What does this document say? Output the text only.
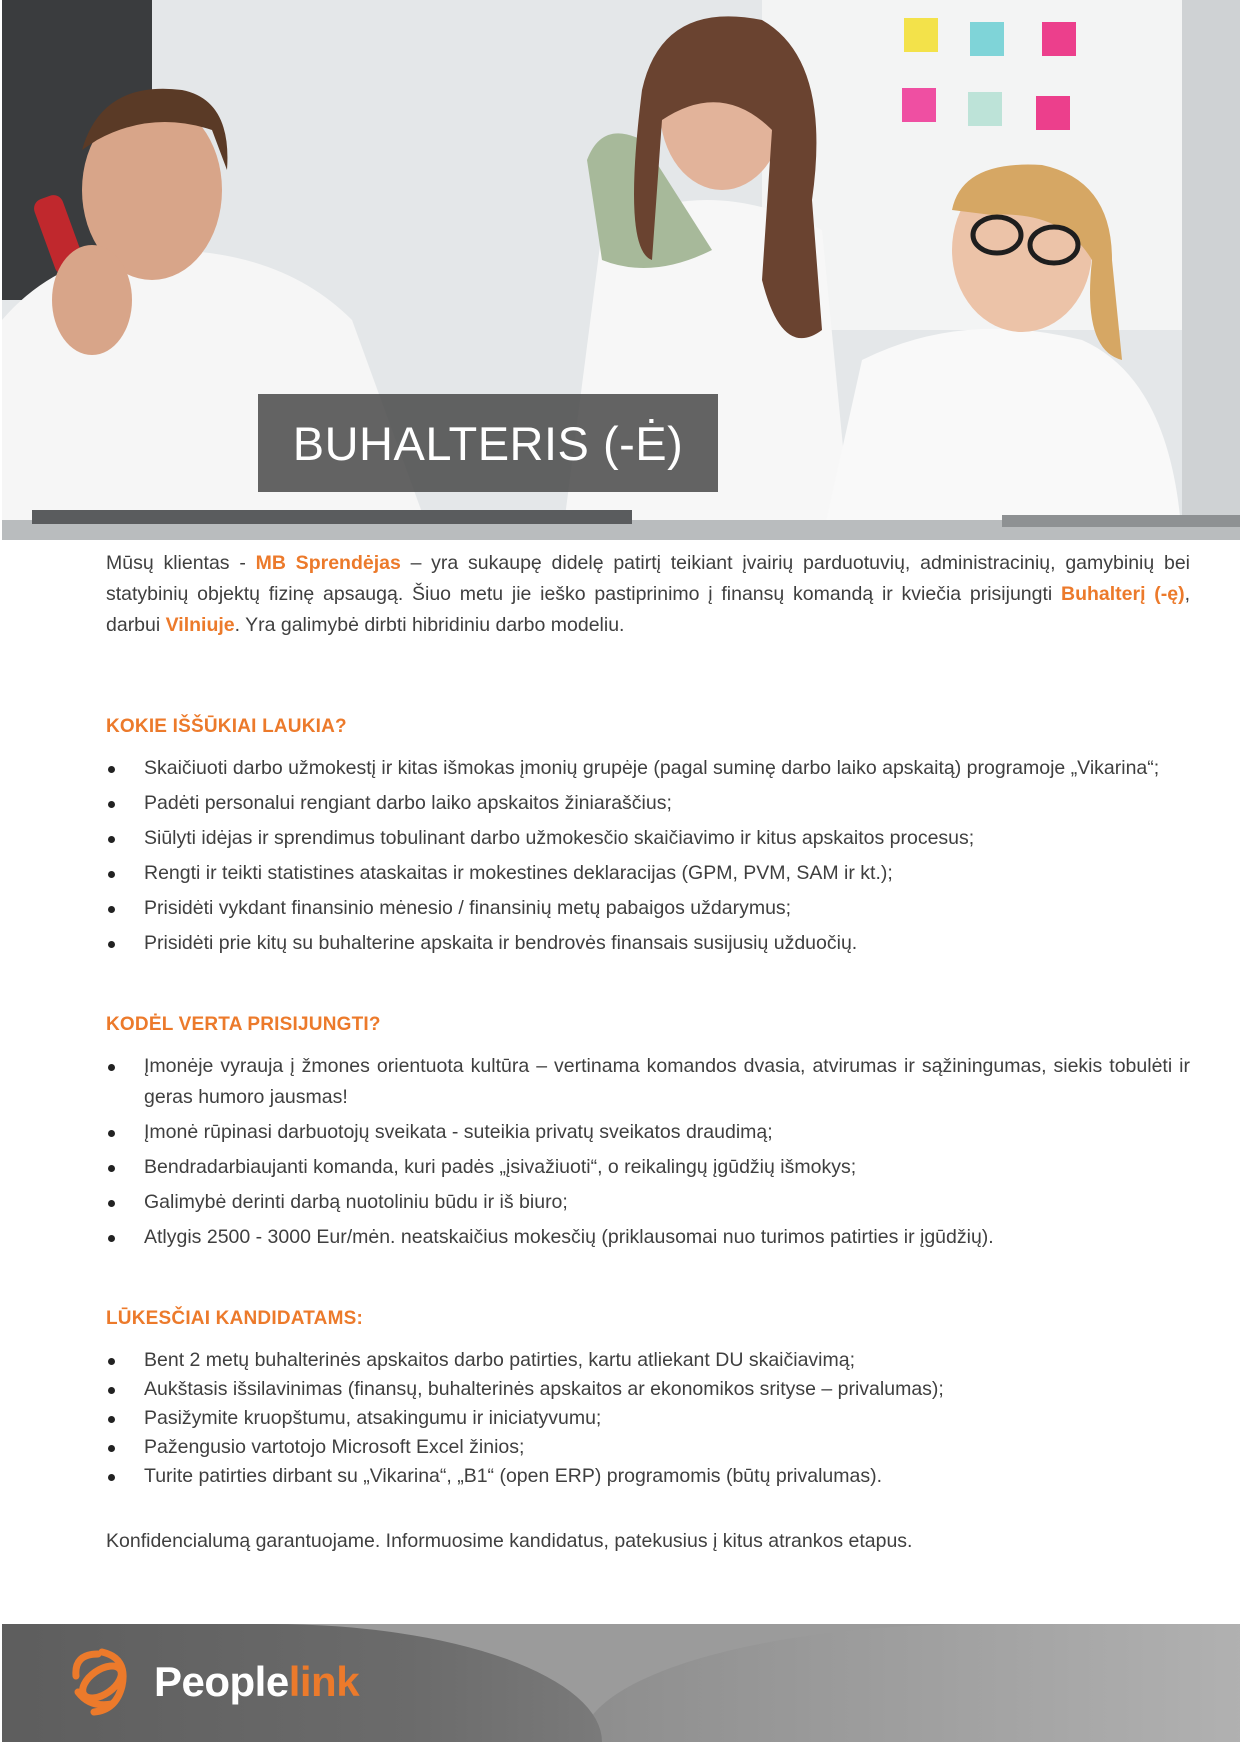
BUHALTERIS (-Ė)

Mūsų klientas - MB Sprendėjas – yra sukaupę didelę patirtį teikiant įvairių parduotuvių, administracinių, gamybinių bei statybinių objektų fizinę apsaugą. Šiuo metu jie ieško pastiprinimo į finansų komandą ir kviečia prisijungti Buhalterį (-ę), darbui Vilniuje. Yra galimybė dirbti hibridiniu darbo modeliu.

KOKIE IŠŠŪKIAI LAUKIA?
Skaičiuoti darbo užmokestį ir kitas išmokas įmonių grupėje (pagal suminę darbo laiko apskaitą) programoje „Vikarina“;
Padėti personalui rengiant darbo laiko apskaitos žiniaraščius;
Siūlyti idėjas ir sprendimus tobulinant darbo užmokesčio skaičiavimo ir kitus apskaitos procesus;
Rengti ir teikti statistines ataskaitas ir mokestines deklaracijas (GPM, PVM, SAM ir kt.);
Prisidėti vykdant finansinio mėnesio / finansinių metų pabaigos uždarymus;
Prisidėti prie kitų su buhalterine apskaita ir bendrovės finansais susijusių užduočių.
KODĖL VERTA PRISIJUNGTI?
Įmonėje vyrauja į žmones orientuota kultūra – vertinama komandos dvasia, atvirumas ir sąžiningumas, siekis tobulėti ir geras humoro jausmas!
Įmonė rūpinasi darbuotojų sveikata - suteikia privatų sveikatos draudimą;
Bendradarbiaujanti komanda, kuri padės „įsivažiuoti“, o reikalingų įgūdžių išmokys;
Galimybė derinti darbą nuotoliniu būdu ir iš biuro;
Atlygis 2500 - 3000 Eur/mėn. neatskaičius mokesčių (priklausomai nuo turimos patirties ir įgūdžių).
LŪKESČIAI KANDIDATAMS:
Bent 2 metų buhalterinės apskaitos darbo patirties, kartu atliekant DU skaičiavimą;
Aukštasis išsilavinimas (finansų, buhalterinės apskaitos ar ekonomikos srityse – privalumas);
Pasižymite kruopštumu, atsakingumu ir iniciatyvumu;
Pažengusio vartotojo Microsoft Excel žinios;
Turite patirties dirbant su „Vikarina“, „B1“ (open ERP) programomis (būtų privalumas).

Konfidencialumą garantuojame. Informuosime kandidatus, patekusius į kitus atrankos etapus.

Peoplelink
